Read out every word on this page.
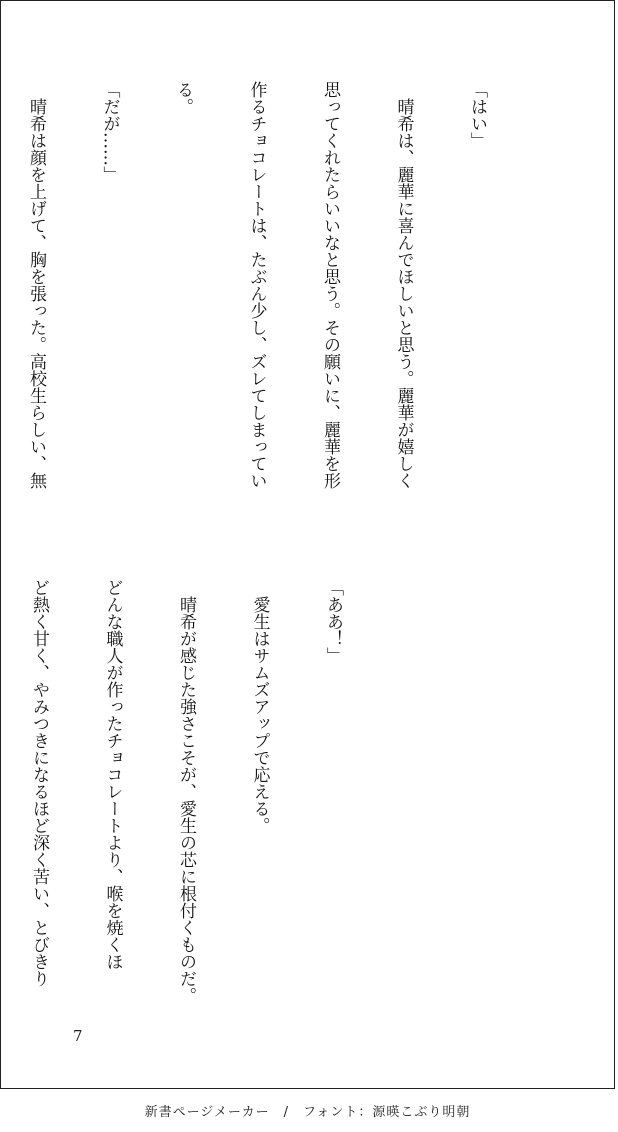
「はい」

　晴希は、麗華に喜んでほしいと思う。麗華が嬉しく

思ってくれたらいいなと思う。その願いに、麗華を形

作るチョコレートは、たぶん少し、ズレてしまってい

る。

「だが……」

　晴希は顔を上げて、胸を張った。高校生らしい、無

「ああ！」

　愛生はサムズアップで応える。

　晴希が感じた強さこそが、愛生の芯に根付くものだ。

どんな職人が作ったチョコレートより、喉を焼くほ

ど熱く甘く、やみつきになるほど深く苦い、とびきり

7
新書ページメーカー　/　フォント：源暎こぶり明朝
